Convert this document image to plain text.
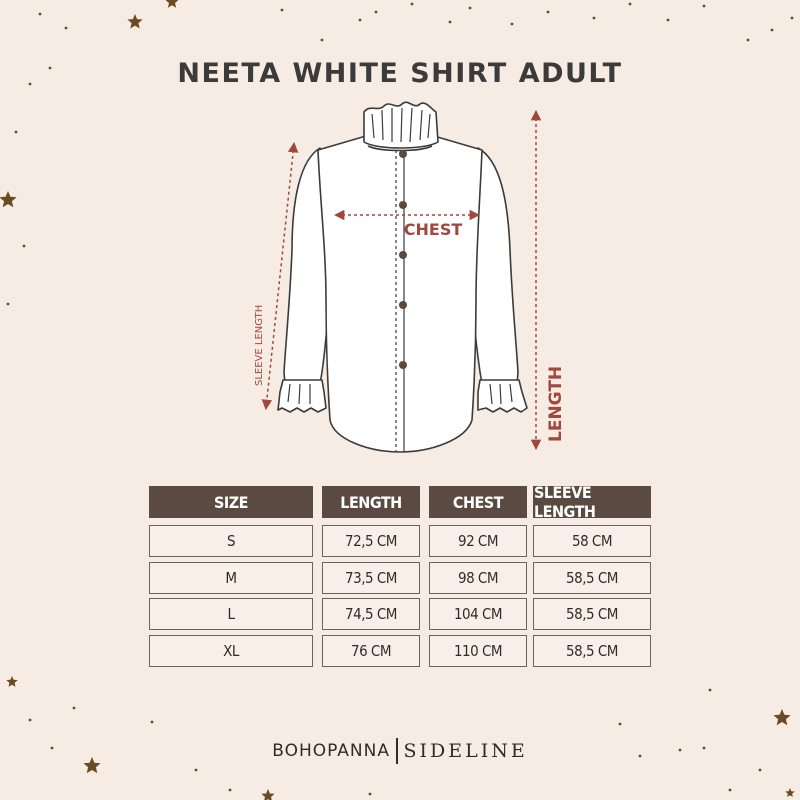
NEETA WHITE SHIRT ADULT
CHEST
SLEEVE LENGTH
LENGTH
SIZE	LENGTH	CHEST	SLEEVE LENGTH
S	72,5 CM	92 CM	58 CM
M	73,5 CM	98 CM	58,5 CM
L	74,5 CM	104 CM	58,5 CM
XL	76 CM	110 CM	58,5 CM
BOHOPANNA SIDELINE
